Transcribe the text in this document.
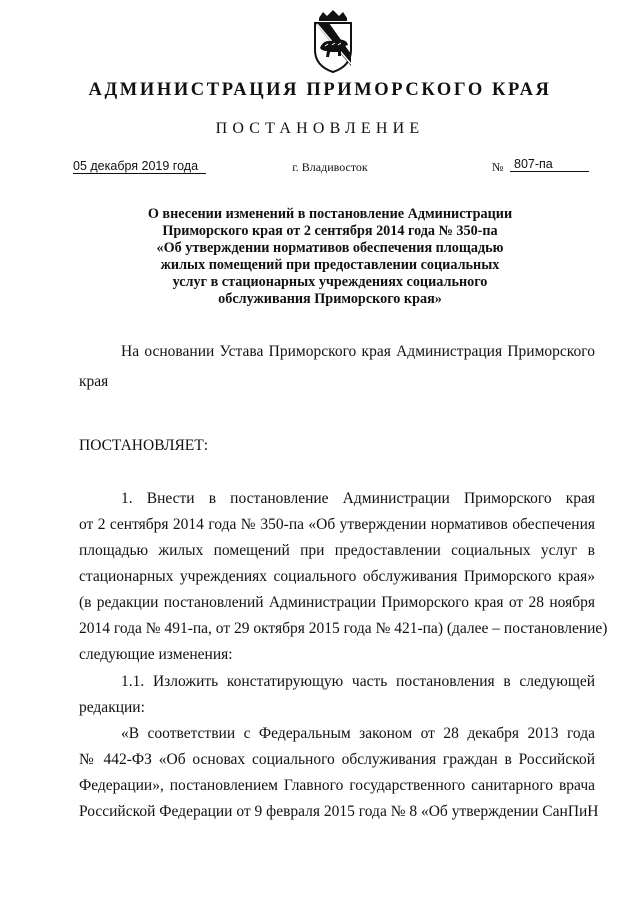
АДМИНИСТРАЦИЯ ПРИМОРСКОГО КРАЯ
ПОСТАНОВЛЕНИЕ
05 декабря 2019 года	г. Владивосток	№ 807-па
О внесении изменений в постановление Администрации
Приморского края от 2 сентября 2014 года № 350-па
«Об утверждении нормативов обеспечения площадью
жилых помещений при предоставлении социальных
услуг в стационарных учреждениях социального
обслуживания Приморского края»
На основании Устава Приморского края Администрация Приморского
края
ПОСТАНОВЛЯЕТ:
1. Внести в постановление Администрации Приморского края
от 2 сентября 2014 года № 350-па «Об утверждении нормативов обеспечения
площадью жилых помещений при предоставлении социальных услуг в
стационарных учреждениях социального обслуживания Приморского края»
(в редакции постановлений Администрации Приморского края от 28 ноября
2014 года № 491-па, от 29 октября 2015 года № 421-па) (далее – постановление)
следующие изменения:
1.1. Изложить констатирующую часть постановления в следующей
редакции:
«В соответствии с Федеральным законом от 28 декабря 2013 года
№ 442-ФЗ «Об основах социального обслуживания граждан в Российской
Федерации», постановлением Главного государственного санитарного врача
Российской Федерации от 9 февраля 2015 года № 8 «Об утверждении СанПиН
